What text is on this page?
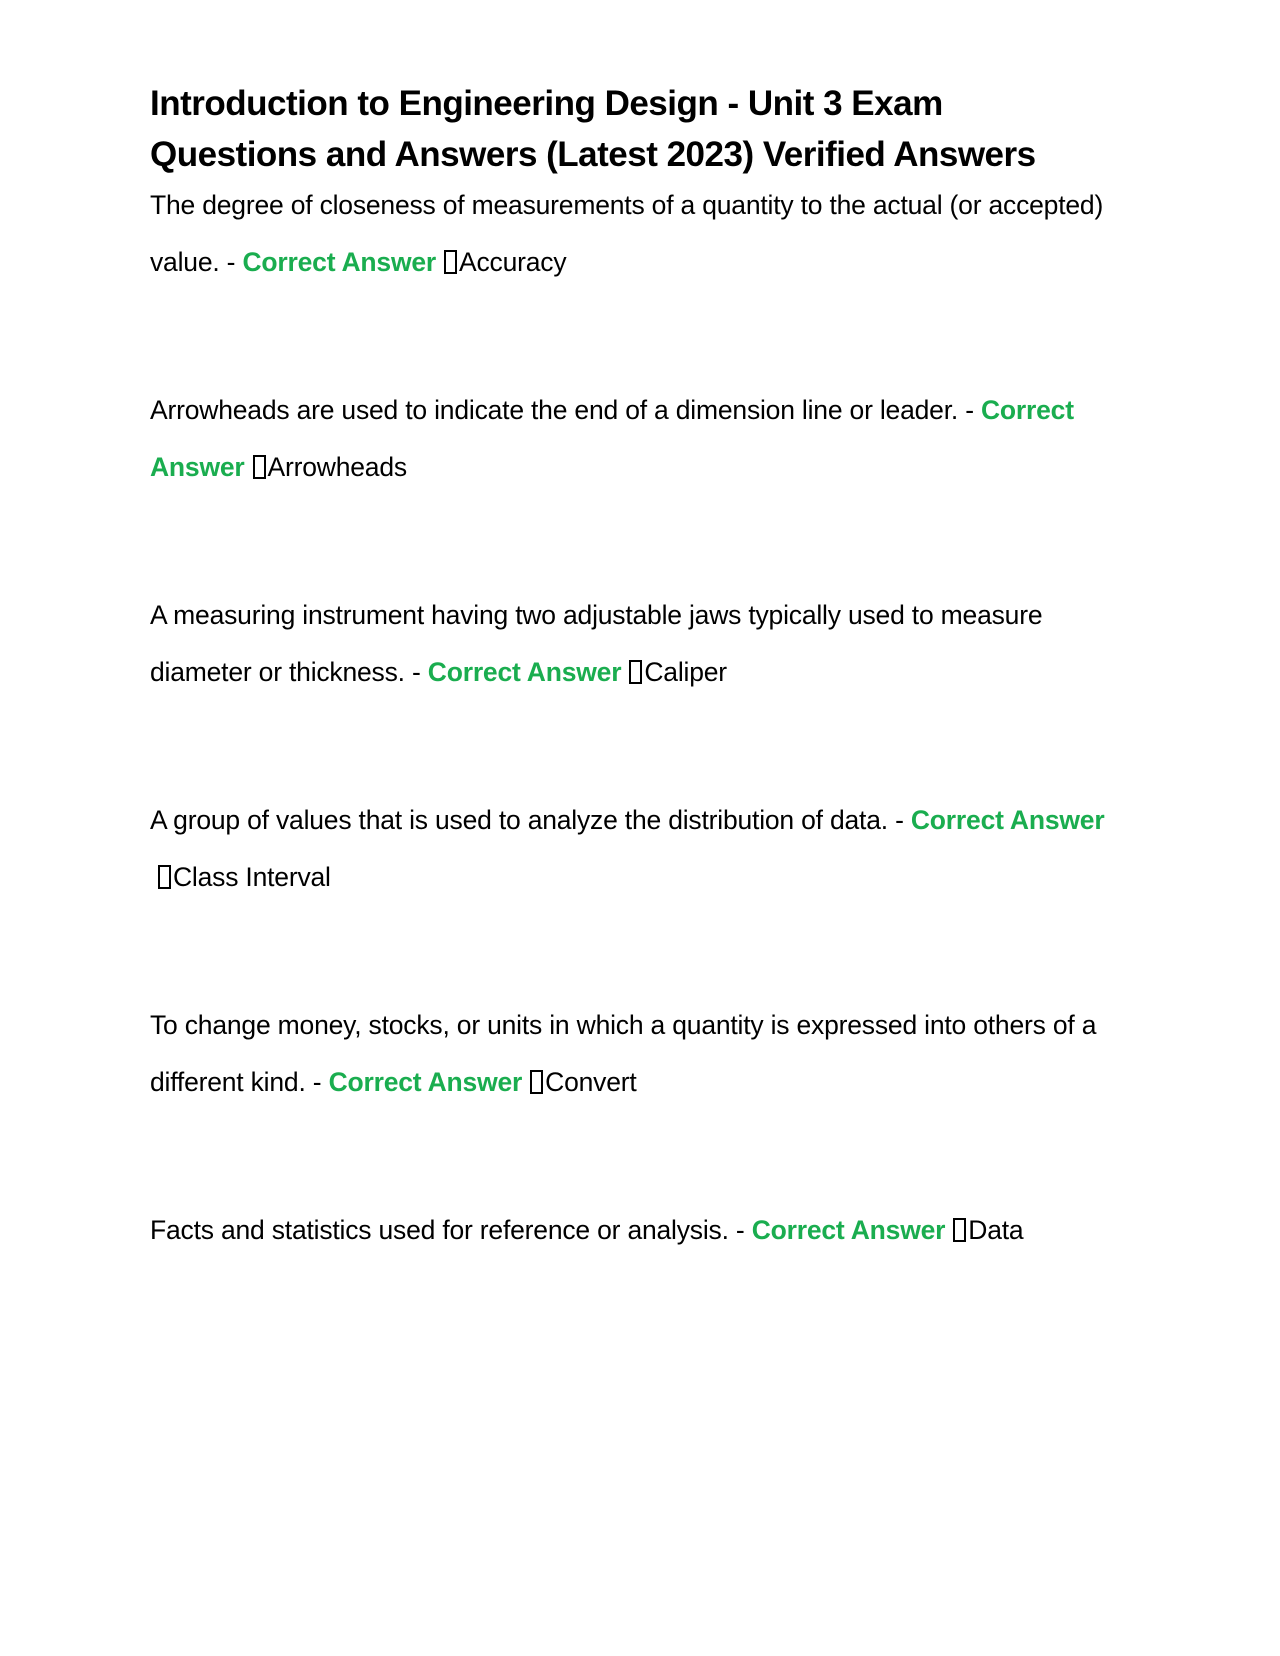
Introduction to Engineering Design - Unit 3 Exam Questions and Answers (Latest 2023) Verified Answers

The degree of closeness of measurements of a quantity to the actual (or accepted) value. - Correct Answer Accuracy

Arrowheads are used to indicate the end of a dimension line or leader. - Correct Answer Arrowheads

A measuring instrument having two adjustable jaws typically used to measure diameter or thickness. - Correct Answer Caliper

A group of values that is used to analyze the distribution of data. - Correct AnswerClass Interval

To change money, stocks, or units in which a quantity is expressed into others of a different kind. - Correct Answer Convert

Facts and statistics used for reference or analysis. - Correct Answer Data
